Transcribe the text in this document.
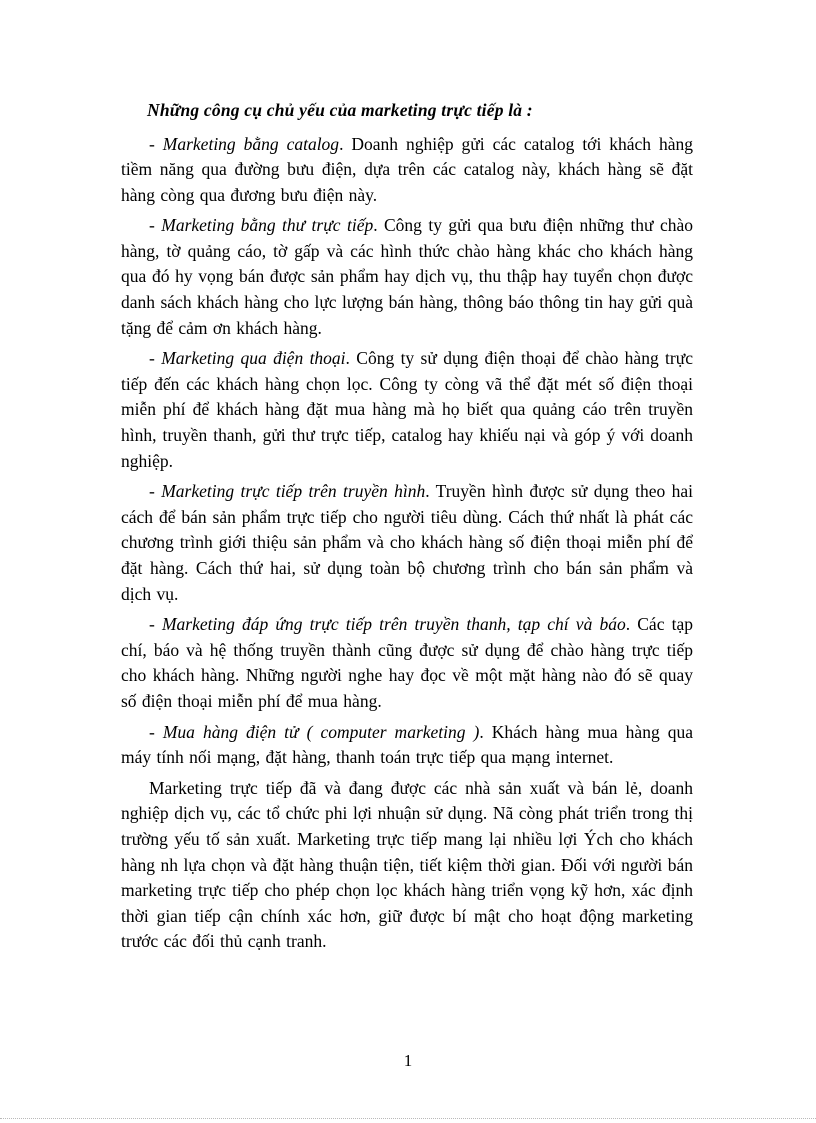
Những công cụ chủ yếu của marketing trực tiếp là :

- Marketing bằng catalog. Doanh nghiệp gửi các catalog tới khách hàng tiềm năng qua đường bưu điện, dựa trên các catalog này, khách hàng sẽ đặt hàng còng qua đương bưu điện này.

- Marketing bằng thư trực tiếp. Công ty gửi qua bưu điện những thư chào hàng, tờ quảng cáo, tờ gấp và các hình thức chào hàng khác cho khách hàng qua đó hy vọng bán được sản phẩm hay dịch vụ, thu thập hay tuyển chọn được danh sách khách hàng cho lực lượng bán hàng, thông báo thông tin hay gửi quà tặng để cảm ơn khách hàng.

- Marketing qua điện thoại. Công ty sử dụng điện thoại để chào hàng trực tiếp đến các khách hàng chọn lọc. Công ty còng vã thể đặt mét số điện thoại miễn phí để khách hàng đặt mua hàng mà họ biết qua quảng cáo trên truyền hình, truyền thanh, gửi thư trực tiếp, catalog hay khiếu nại và góp ý với doanh nghiệp.

- Marketing trực tiếp trên truyền hình. Truyền hình được sử dụng theo hai cách để bán sản phẩm trực tiếp cho người tiêu dùng. Cách thứ nhất là phát các chương trình giới thiệu sản phẩm và cho khách hàng số điện thoại miễn phí để đặt hàng. Cách thứ hai, sử dụng toàn bộ chương trình cho bán sản phẩm và dịch vụ.

- Marketing đáp ứng trực tiếp trên truyền thanh, tạp chí và báo. Các tạp chí, báo và hệ thống truyền thành cũng được sử dụng để chào hàng trực tiếp cho khách hàng. Những người nghe hay đọc về một mặt hàng nào đó sẽ quay số điện thoại miễn phí để mua hàng.

- Mua hàng điện tử ( computer marketing ). Khách hàng mua hàng qua máy tính nối mạng, đặt hàng, thanh toán trực tiếp qua mạng internet.

Marketing trực tiếp đã và đang được các nhà sản xuất và bán lẻ, doanh nghiệp dịch vụ, các tổ chức phi lợi nhuận sử dụng. Nã còng phát triển trong thị trường yếu tố sản xuất. Marketing trực tiếp mang lại nhiều lợi Ých cho khách hàng nh lựa chọn và đặt hàng thuận tiện, tiết kiệm thời gian. Đối với người bán marketing trực tiếp cho phép chọn lọc khách hàng triển vọng kỹ hơn, xác định thời gian tiếp cận chính xác hơn, giữ được bí mật cho hoạt động marketing trước các đối thủ cạnh tranh.

1
